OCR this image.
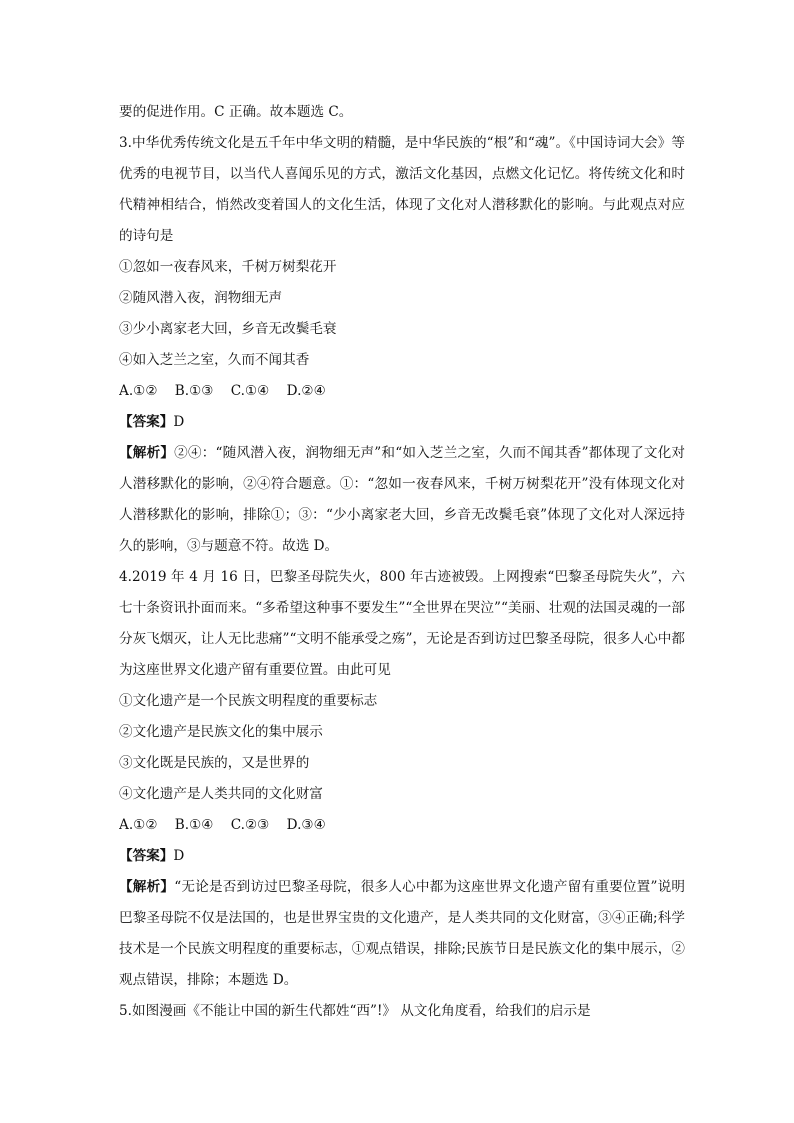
要的促进作用。C 正确。故本题选 C。
3.中华优秀传统文化是五千年中华文明的精髓，是中华民族的“根”和“魂”。《中国诗词大会》等优秀的电视节目，以当代人喜闻乐见的方式，激活文化基因，点燃文化记忆。将传统文化和时代精神相结合，悄然改变着国人的文化生活，体现了文化对人潜移默化的影响。与此观点对应的诗句是
①忽如一夜春风来，千树万树梨花开
②随风潜入夜，润物细无声
③少小离家老大回，乡音无改鬓毛衰
④如入芝兰之室，久而不闻其香
A.①②    B.①③    C.①④    D.②④
【答案】D
【解析】②④：“随风潜入夜，润物细无声”和“如入芝兰之室，久而不闻其香”都体现了文化对人潜移默化的影响，②④符合题意。①：“忽如一夜春风来，千树万树梨花开”没有体现文化对人潜移默化的影响，排除①；③：“少小离家老大回，乡音无改鬓毛衰”体现了文化对人深远持久的影响，③与题意不符。故选 D。
4.2019 年 4 月 16 日，巴黎圣母院失火，800 年古迹被毁。上网搜索“巴黎圣母院失火”，六七十条资讯扑面而来。“多希望这种事不要发生”“全世界在哭泣”“美丽、壮观的法国灵魂的一部分灰飞烟灭，让人无比悲痛”“文明不能承受之殇”，无论是否到访过巴黎圣母院，很多人心中都为这座世界文化遗产留有重要位置。由此可见
①文化遗产是一个民族文明程度的重要标志
②文化遗产是民族文化的集中展示
③文化既是民族的，又是世界的
④文化遗产是人类共同的文化财富
A.①②    B.①④    C.②③    D.③④
【答案】D
【解析】“无论是否到访过巴黎圣母院，很多人心中都为这座世界文化遗产留有重要位置”说明巴黎圣母院不仅是法国的，也是世界宝贵的文化遗产，是人类共同的文化财富，③④正确;科学技术是一个民族文明程度的重要标志，①观点错误，排除;民族节日是民族文化的集中展示，②观点错误，排除；本题选 D。
5.如图漫画《不能让中国的新生代都姓“西”!》 从文化角度看，给我们的启示是
